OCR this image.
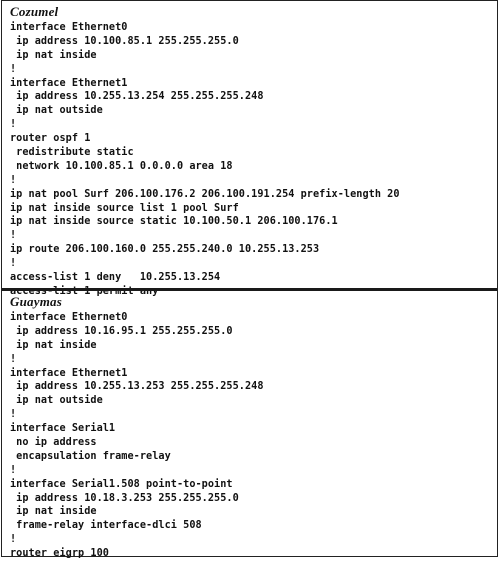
Cozumel
interface Ethernet0
ip address 10.100.85.1 255.255.255.0
ip nat inside
!
interface Ethernet1
ip address 10.255.13.254 255.255.255.248
ip nat outside
!
router ospf 1
redistribute static
network 10.100.85.1 0.0.0.0 area 18
!
ip nat pool Surf 206.100.176.2 206.100.191.254 prefix-length 20
ip nat inside source list 1 pool Surf
ip nat inside source static 10.100.50.1 206.100.176.1
!
ip route 206.100.160.0 255.255.240.0 10.255.13.253
!
access-list 1 deny   10.255.13.254
access-list 1 permit any
Guaymas
interface Ethernet0
ip address 10.16.95.1 255.255.255.0
ip nat inside
!
interface Ethernet1
ip address 10.255.13.253 255.255.255.248
ip nat outside
!
interface Serial1
no ip address
encapsulation frame-relay
!
interface Serial1.508 point-to-point
ip address 10.18.3.253 255.255.255.0
ip nat inside
frame-relay interface-dlci 508
!
router eigrp 100
